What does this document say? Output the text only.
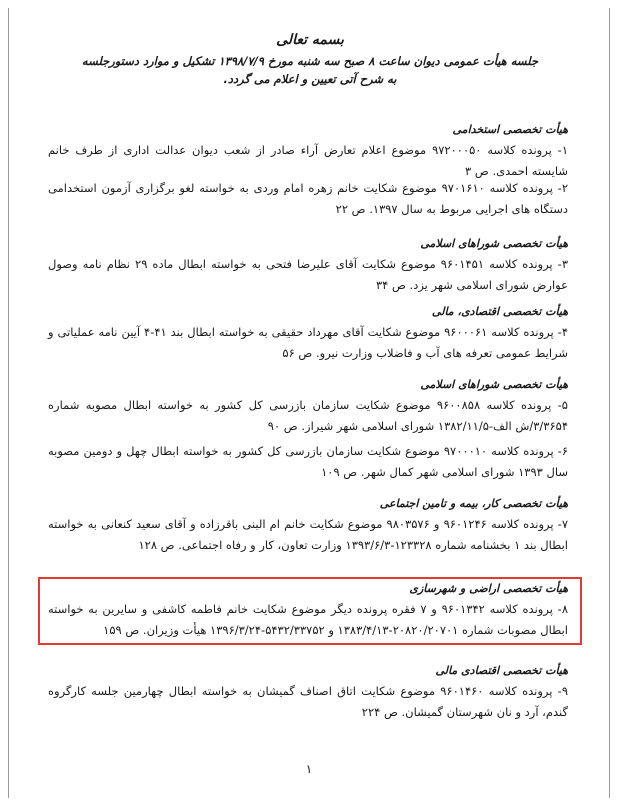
بسمه تعالی

جلسه هیأت عمومی دیوان ساعت ۸ صبح سه شنبه مورخ ۱۳۹۸/۷/۹ تشکیل و موارد دستورجلسه

به شرح آتی تعیین و اعلام می گردد.

هیأت تخصصی استخدامی

۱- پرونده کلاسه ۹۷۲۰۰۰۵۰ موضوع اعلام تعارض آراء صادر از شعب دیوان عدالت اداری از طرف خانم شایسته احمدی. ص ۳

۲- پرونده کلاسه ۹۷۰۱۶۱۰ موضوع شکایت خانم زهره امام وردی به خواسته لغو برگزاری آزمون استخدامی دستگاه های اجرایی مربوط به سال ۱۳۹۷. ص ۲۲

هیأت تخصصی شوراهای اسلامی

۳- پرونده کلاسه ۹۶۰۱۴۵۱ موضوع شکایت آقای علیرضا فتحی به خواسته ابطال ماده ۲۹ نظام نامه وصول عوارض شورای اسلامی شهر یزد. ص ۳۴

هیأت تخصصی اقتصادی، مالی

۴- پرونده کلاسه ۹۶۰۰۰۶۱ موضوع شکایت آقای مهرداد حقیقی به خواسته ابطال بند ۴۱-۴ آیین نامه عملیاتی و شرایط عمومی تعرفه های آب و فاضلاب وزارت نیرو. ص ۵۶

هیأت تخصصی شوراهای اسلامی

۵- پرونده کلاسه ۹۶۰۰۸۵۸ موضوع شکایت سازمان بازرسی کل کشور به خواسته ابطال مصوبه شماره ۳/۳۶۵۴/ش الف-۱۳۸۲/۱۱/۵ شورای اسلامی شهر شیراز. ص ۹۰

۶- پرونده کلاسه ۹۷۰۰۰۱۰ موضوع شکایت سازمان بازرسی کل کشور به خواسته ابطال چهل و دومین مصوبه سال ۱۳۹۳ شورای اسلامی شهر کمال شهر. ص ۱۰۹

هیأت تخصصی کار، بیمه و تامین اجتماعی

۷- پرونده کلاسه ۹۶۰۱۲۴۶ و ۹۸۰۳۵۷۶ موضوع شکایت خانم ام البنی باقرزاده و آقای سعید کنعانی به خواسته ابطال بند ۱ بخشنامه شماره ۱۲۳۳۲۸-۱۳۹۳/۶/۳ وزارت تعاون، کار و رفاه اجتماعی. ص ۱۲۸

هیأت تخصصی اراضی و شهرسازی

۸- پرونده کلاسه ۹۶۰۱۳۴۲ و ۷ فقره پرونده دیگر موضوع شکایت خانم فاطمه کاشفی و سایرین به خواسته ابطال مصوبات شماره ۲۰۸۲۰/۲۰۷۰۱-۱۳۸۳/۴/۱۳ و ۵۴۳۲/۳۳۷۵۲-۱۳۹۶/۳/۲۴ هیأت وزیران. ص ۱۵۹

هیأت تخصصی اقتصادی مالی

۹- پرونده کلاسه ۹۶۰۱۴۶۰ موضوع شکایت اتاق اصناف گمیشان به خواسته ابطال چهارمین جلسه کارگروه گندم، آرد و نان شهرستان گمیشان. ص ۲۲۴

۱
